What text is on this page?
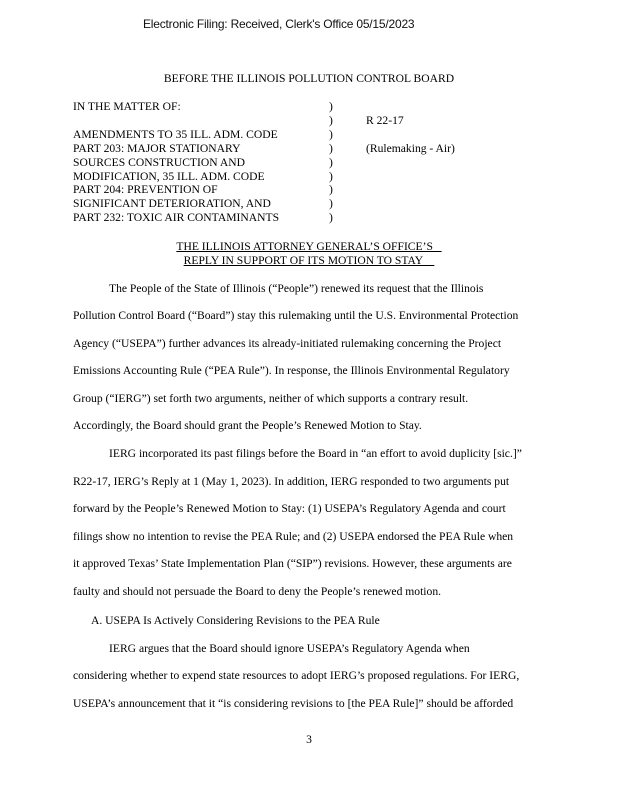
Electronic Filing: Received, Clerk's Office 05/15/2023
BEFORE THE ILLINOIS POLLUTION CONTROL BOARD
IN THE MATTER OF:
AMENDMENTS TO 35 ILL. ADM. CODE
PART 203: MAJOR STATIONARY
SOURCES CONSTRUCTION AND
MODIFICATION, 35 ILL. ADM. CODE
PART 204: PREVENTION OF
SIGNIFICANT DETERIORATION, AND
PART 232: TOXIC AIR CONTAMINANTS
)
)
)
)
)
)
)
)
)
R 22-17
(Rulemaking - Air)
THE ILLINOIS ATTORNEY GENERAL’S OFFICE’S
REPLY IN SUPPORT OF ITS MOTION TO STAY
The People of the State of Illinois (“People”) renewed its request that the Illinois
Pollution Control Board (“Board”) stay this rulemaking until the U.S. Environmental Protection
Agency (“USEPA”) further advances its already-initiated rulemaking concerning the Project
Emissions Accounting Rule (“PEA Rule”). In response, the Illinois Environmental Regulatory
Group (“IERG”) set forth two arguments, neither of which supports a contrary result.
Accordingly, the Board should grant the People’s Renewed Motion to Stay.
IERG incorporated its past filings before the Board in “an effort to avoid duplicity [sic.]”
R22-17, IERG’s Reply at 1 (May 1, 2023). In addition, IERG responded to two arguments put
forward by the People’s Renewed Motion to Stay: (1) USEPA’s Regulatory Agenda and court
filings show no intention to revise the PEA Rule; and (2) USEPA endorsed the PEA Rule when
it approved Texas’ State Implementation Plan (“SIP”) revisions. However, these arguments are
faulty and should not persuade the Board to deny the People’s renewed motion.
A. USEPA Is Actively Considering Revisions to the PEA Rule
IERG argues that the Board should ignore USEPA’s Regulatory Agenda when
considering whether to expend state resources to adopt IERG’s proposed regulations. For IERG,
USEPA’s announcement that it “is considering revisions to [the PEA Rule]” should be afforded
3
